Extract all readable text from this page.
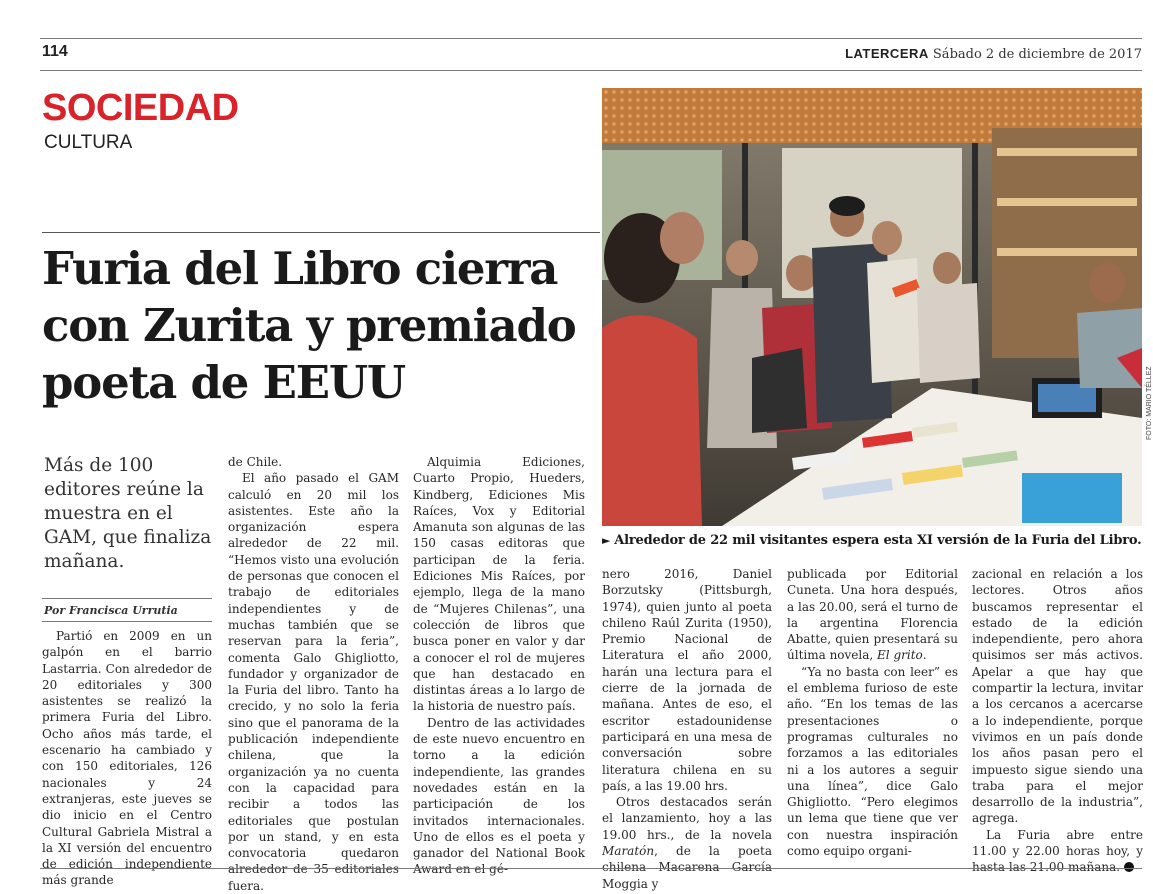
114	LATERCERA Sábado 2 de diciembre de 2017
SOCIEDAD
CULTURA
Furia del Libro cierra con Zurita y premiado poeta de EEUU	FOTO: MARIO TÉLLEZ
► Alrededor de 22 mil visitantes espera esta XI versión de la Furia del Libro.
Más de 100 editores reúne la muestra en el GAM, que finaliza mañana.
Por Francisca Urrutia

Partió en 2009 en un galpón en el barrio Lastarria. Con alrededor de 20 editoriales y 300 asistentes se realizó la primera Furia del Libro. Ocho años más tarde, el escenario ha cambiado y con 150 editoriales, 126 nacionales y 24 extranjeras, este jueves se dio inicio en el Centro Cultural Gabriela Mistral a la XI versión del encuentro de edición independiente más grande

de Chile.

El año pasado el GAM calculó en 20 mil los asistentes. Este año la organización espera alrededor de 22 mil. “Hemos visto una evolución de personas que conocen el trabajo de editoriales independientes y de muchas también que se reservan para la feria”, comenta Galo Ghigliotto, fundador y organizador de la Furia del libro. Tanto ha crecido, y no solo la feria sino que el panorama de la publicación independiente chilena, que la organización ya no cuenta con la capacidad para recibir a todos las editoriales que postulan por un stand, y en esta convocatoria quedaron alrededor de 35 editoriales fuera.

Alquimia Ediciones, Cuarto Propio, Hueders, Kindberg, Ediciones Mis Raíces, Vox y Editorial Amanuta son algunas de las 150 casas editoras que participan de la feria. Ediciones Mis Raíces, por ejemplo, llega de la mano de “Mujeres Chilenas”, una colección de libros que busca poner en valor y dar a conocer el rol de mujeres que han destacado en distintas áreas a lo largo de la historia de nuestro país.

Dentro de las actividades de este nuevo encuentro en torno a la edición independiente, las grandes novedades están en la participación de los invitados internacionales. Uno de ellos es el poeta y ganador del National Book Award en el gé-

nero 2016, Daniel Borzutsky (Pittsburgh, 1974), quien junto al poeta chileno Raúl Zurita (1950), Premio Nacional de Literatura el año 2000, harán una lectura para el cierre de la jornada de mañana. Antes de eso, el escritor estadounidense participará en una mesa de conversación sobre literatura chilena en su país, a las 19.00 hrs.

Otros destacados serán el lanzamiento, hoy a las 19.00 hrs., de la novela Maratón, de la poeta chilena Macarena García Moggia y

publicada por Editorial Cuneta. Una hora después, a las 20.00, será el turno de la argentina Florencia Abatte, quien presentará su última novela, El grito.

“Ya no basta con leer” es el emblema furioso de este año. “En los temas de las presentaciones o programas culturales no forzamos a las editoriales ni a los autores a seguir una línea”, dice Galo Ghigliotto. “Pero elegimos un lema que tiene que ver con nuestra inspiración como equipo organi-

zacional en relación a los lectores. Otros años buscamos representar el estado de la edición independiente, pero ahora quisimos ser más activos. Apelar a que hay que compartir la lectura, invitar a los cercanos a acercarse a lo independiente, porque vivimos en un país donde los años pasan pero el impuesto sigue siendo una traba para el mejor desarrollo de la industria”, agrega.

La Furia abre entre 11.00 y 22.00 horas hoy, y hasta las 21.00 mañana.
